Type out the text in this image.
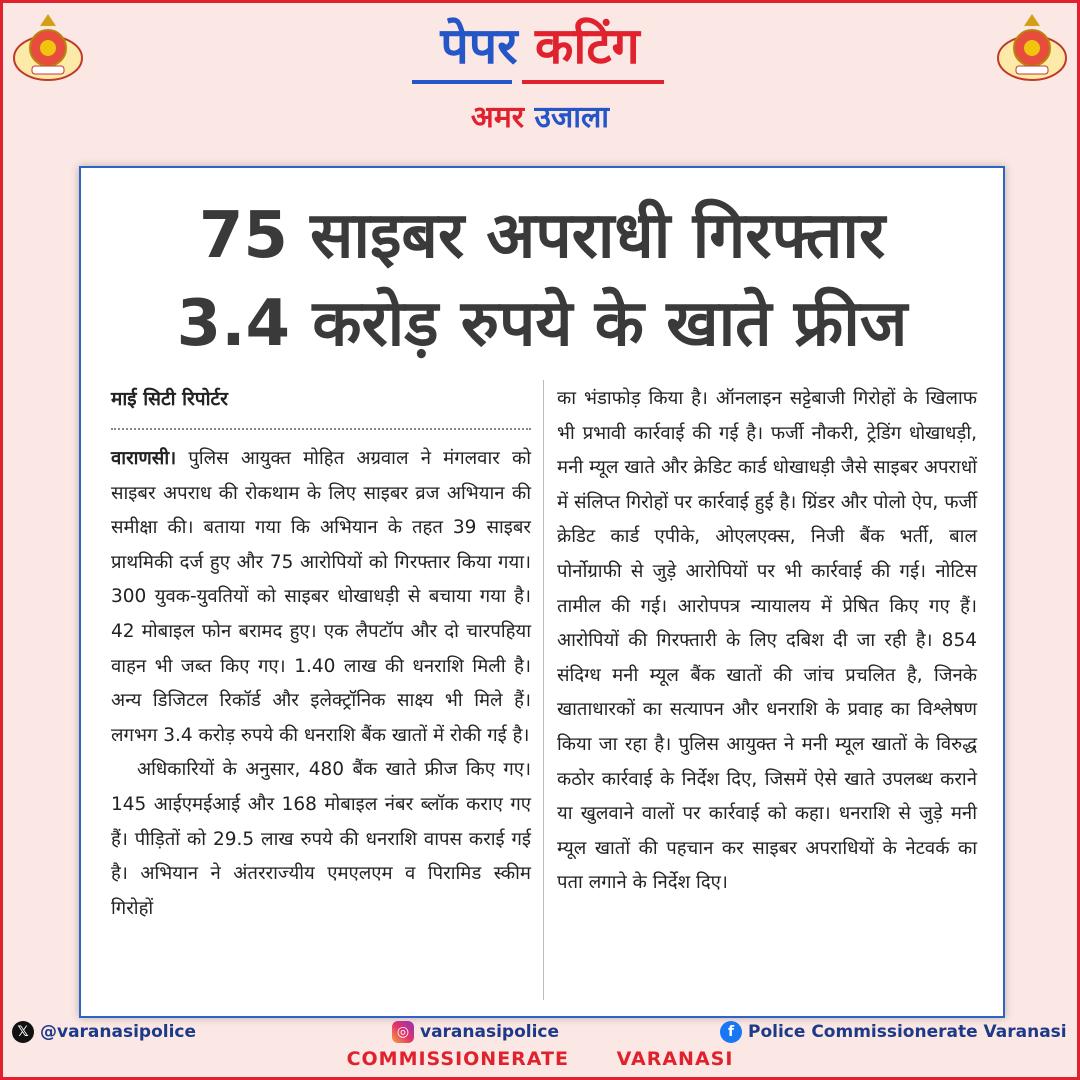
पेपर कटिंग
अमर उजाला
75 साइबर अपराधी गिरफ्तार
3.4 करोड़ रुपये के खाते फ्रीज
माई सिटी रिपोर्टर

वाराणसी। पुलिस आयुक्त मोहित अग्रवाल ने मंगलवार को साइबर अपराध की रोकथाम के लिए साइबर व्रज अभियान की समीक्षा की। बताया गया कि अभियान के तहत 39 साइबर प्राथमिकी दर्ज हुए और 75 आरोपियों को गिरफ्तार किया गया। 300 युवक-युवतियों को साइबर धोखाधड़ी से बचाया गया है। 42 मोबाइल फोन बरामद हुए। एक लैपटॉप और दो चारपहिया वाहन भी जब्त किए गए। 1.40 लाख की धनराशि मिली है। अन्य डिजिटल रिकॉर्ड और इलेक्ट्रॉनिक साक्ष्य भी मिले हैं। लगभग 3.4 करोड़ रुपये की धनराशि बैंक खातों में रोकी गई है।

अधिकारियों के अनुसार, 480 बैंक खाते फ्रीज किए गए। 145 आईएमईआई और 168 मोबाइल नंबर ब्लॉक कराए गए हैं। पीड़ितों को 29.5 लाख रुपये की धनराशि वापस कराई गई है। अभियान ने अंतरराज्यीय एमएलएम व पिरामिड स्कीम गिरोहों

का भंडाफोड़ किया है। ऑनलाइन सट्टेबाजी गिरोहों के खिलाफ भी प्रभावी कार्रवाई की गई है। फर्जी नौकरी, ट्रेडिंग धोखाधड़ी, मनी म्यूल खाते और क्रेडिट कार्ड धोखाधड़ी जैसे साइबर अपराधों में संलिप्त गिरोहों पर कार्रवाई हुई है। ग्रिंडर और पोलो ऐप, फर्जी क्रेडिट कार्ड एपीके, ओएलएक्स, निजी बैंक भर्ती, बाल पोर्नोग्राफी से जुड़े आरोपियों पर भी कार्रवाई की गई। नोटिस तामील की गई। आरोपपत्र न्यायालय में प्रेषित किए गए हैं। आरोपियों की गिरफ्तारी के लिए दबिश दी जा रही है। 854 संदिग्ध मनी म्यूल बैंक खातों की जांच प्रचलित है, जिनके खाताधारकों का सत्यापन और धनराशि के प्रवाह का विश्लेषण किया जा रहा है। पुलिस आयुक्त ने मनी म्यूल खातों के विरुद्ध कठोर कार्रवाई के निर्देश दिए, जिसमें ऐसे खाते उपलब्ध कराने या खुलवाने वालों पर कार्रवाई को कहा। धनराशि से जुड़े मनी म्यूल खातों की पहचान कर साइबर अपराधियों के नेटवर्क का पता लगाने के निर्देश दिए।

𝕏 @varanasipolice	◎ varanasipolice	f Police Commissionerate Varanasi
COMMISSIONERATE VARANASI
